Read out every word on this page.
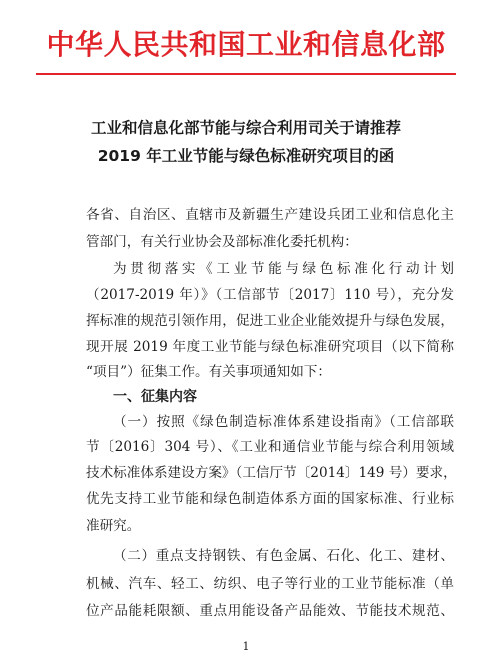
中华人民共和国工业和信息化部
工业和信息化部节能与综合利用司关于请推荐
2019 年工业节能与绿色标准研究项目的函
各省、自治区、直辖市及新疆生产建设兵团工业和信息化主
管部门，有关行业协会及部标准化委托机构：
为贯彻落实《工业节能与绿色标准化行动计划
（2017-2019 年）》（工信部节〔2017〕110 号），充分发
挥标准的规范引领作用，促进工业企业能效提升与绿色发展，
现开展 2019 年度工业节能与绿色标准研究项目（以下简称
“项目”）征集工作。有关事项通知如下：
一、征集内容
（一）按照《绿色制造标准体系建设指南》（工信部联
节〔2016〕304 号）、《工业和通信业节能与综合利用领域
技术标准体系建设方案》（工信厅节〔2014〕149 号）要求，
优先支持工业节能和绿色制造体系方面的国家标准、行业标
准研究。
（二）重点支持钢铁、有色金属、石化、化工、建材、
机械、汽车、轻工、纺织、电子等行业的工业节能标准（单
位产品能耗限额、重点用能设备产品能效、节能技术规范、
1
